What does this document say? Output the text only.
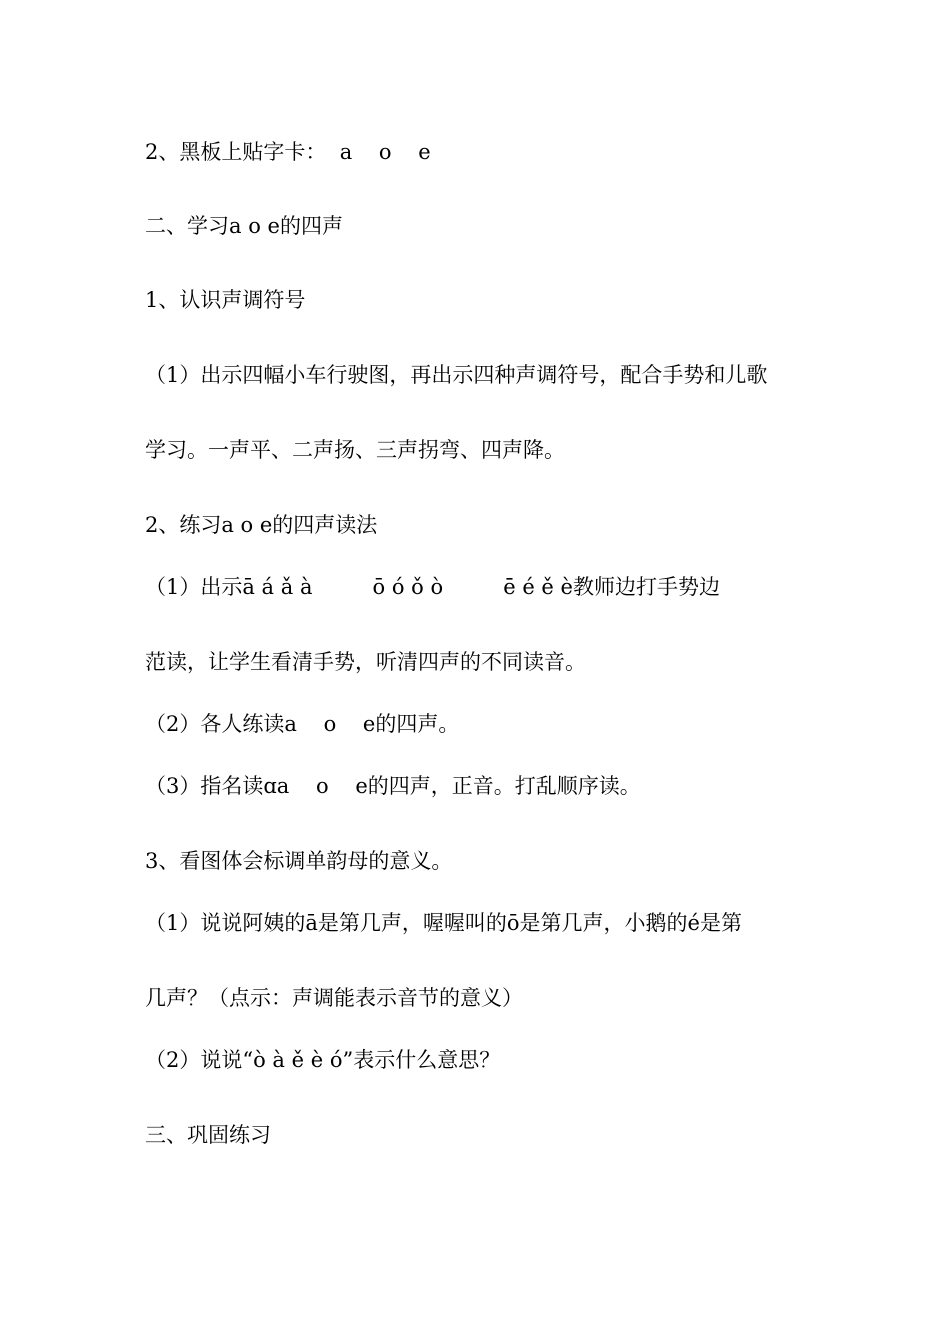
2、黑板上贴字卡：  a    o    e
二、学习a o e的四声
1、认识声调符号
（1）出示四幅小车行驶图，再出示四种声调符号，配合手势和儿歌
学习。一声平、二声扬、三声拐弯、四声降。
2、练习a o e的四声读法
（1）出示ā á ǎ à         ō ó ǒ ò         ē é ě è教师边打手势边
范读，让学生看清手势，听清四声的不同读音。
（2）各人练读a    o    e的四声。
（3）指名读ɑa    o    e的四声，正音。打乱顺序读。
3、看图体会标调单韵母的意义。
（1）说说阿姨的ā是第几声，喔喔叫的ō是第几声，小鹅的é是第
几声？（点示：声调能表示音节的意义）
（2）说说“ò à ě è ó”表示什么意思？
三、巩固练习
